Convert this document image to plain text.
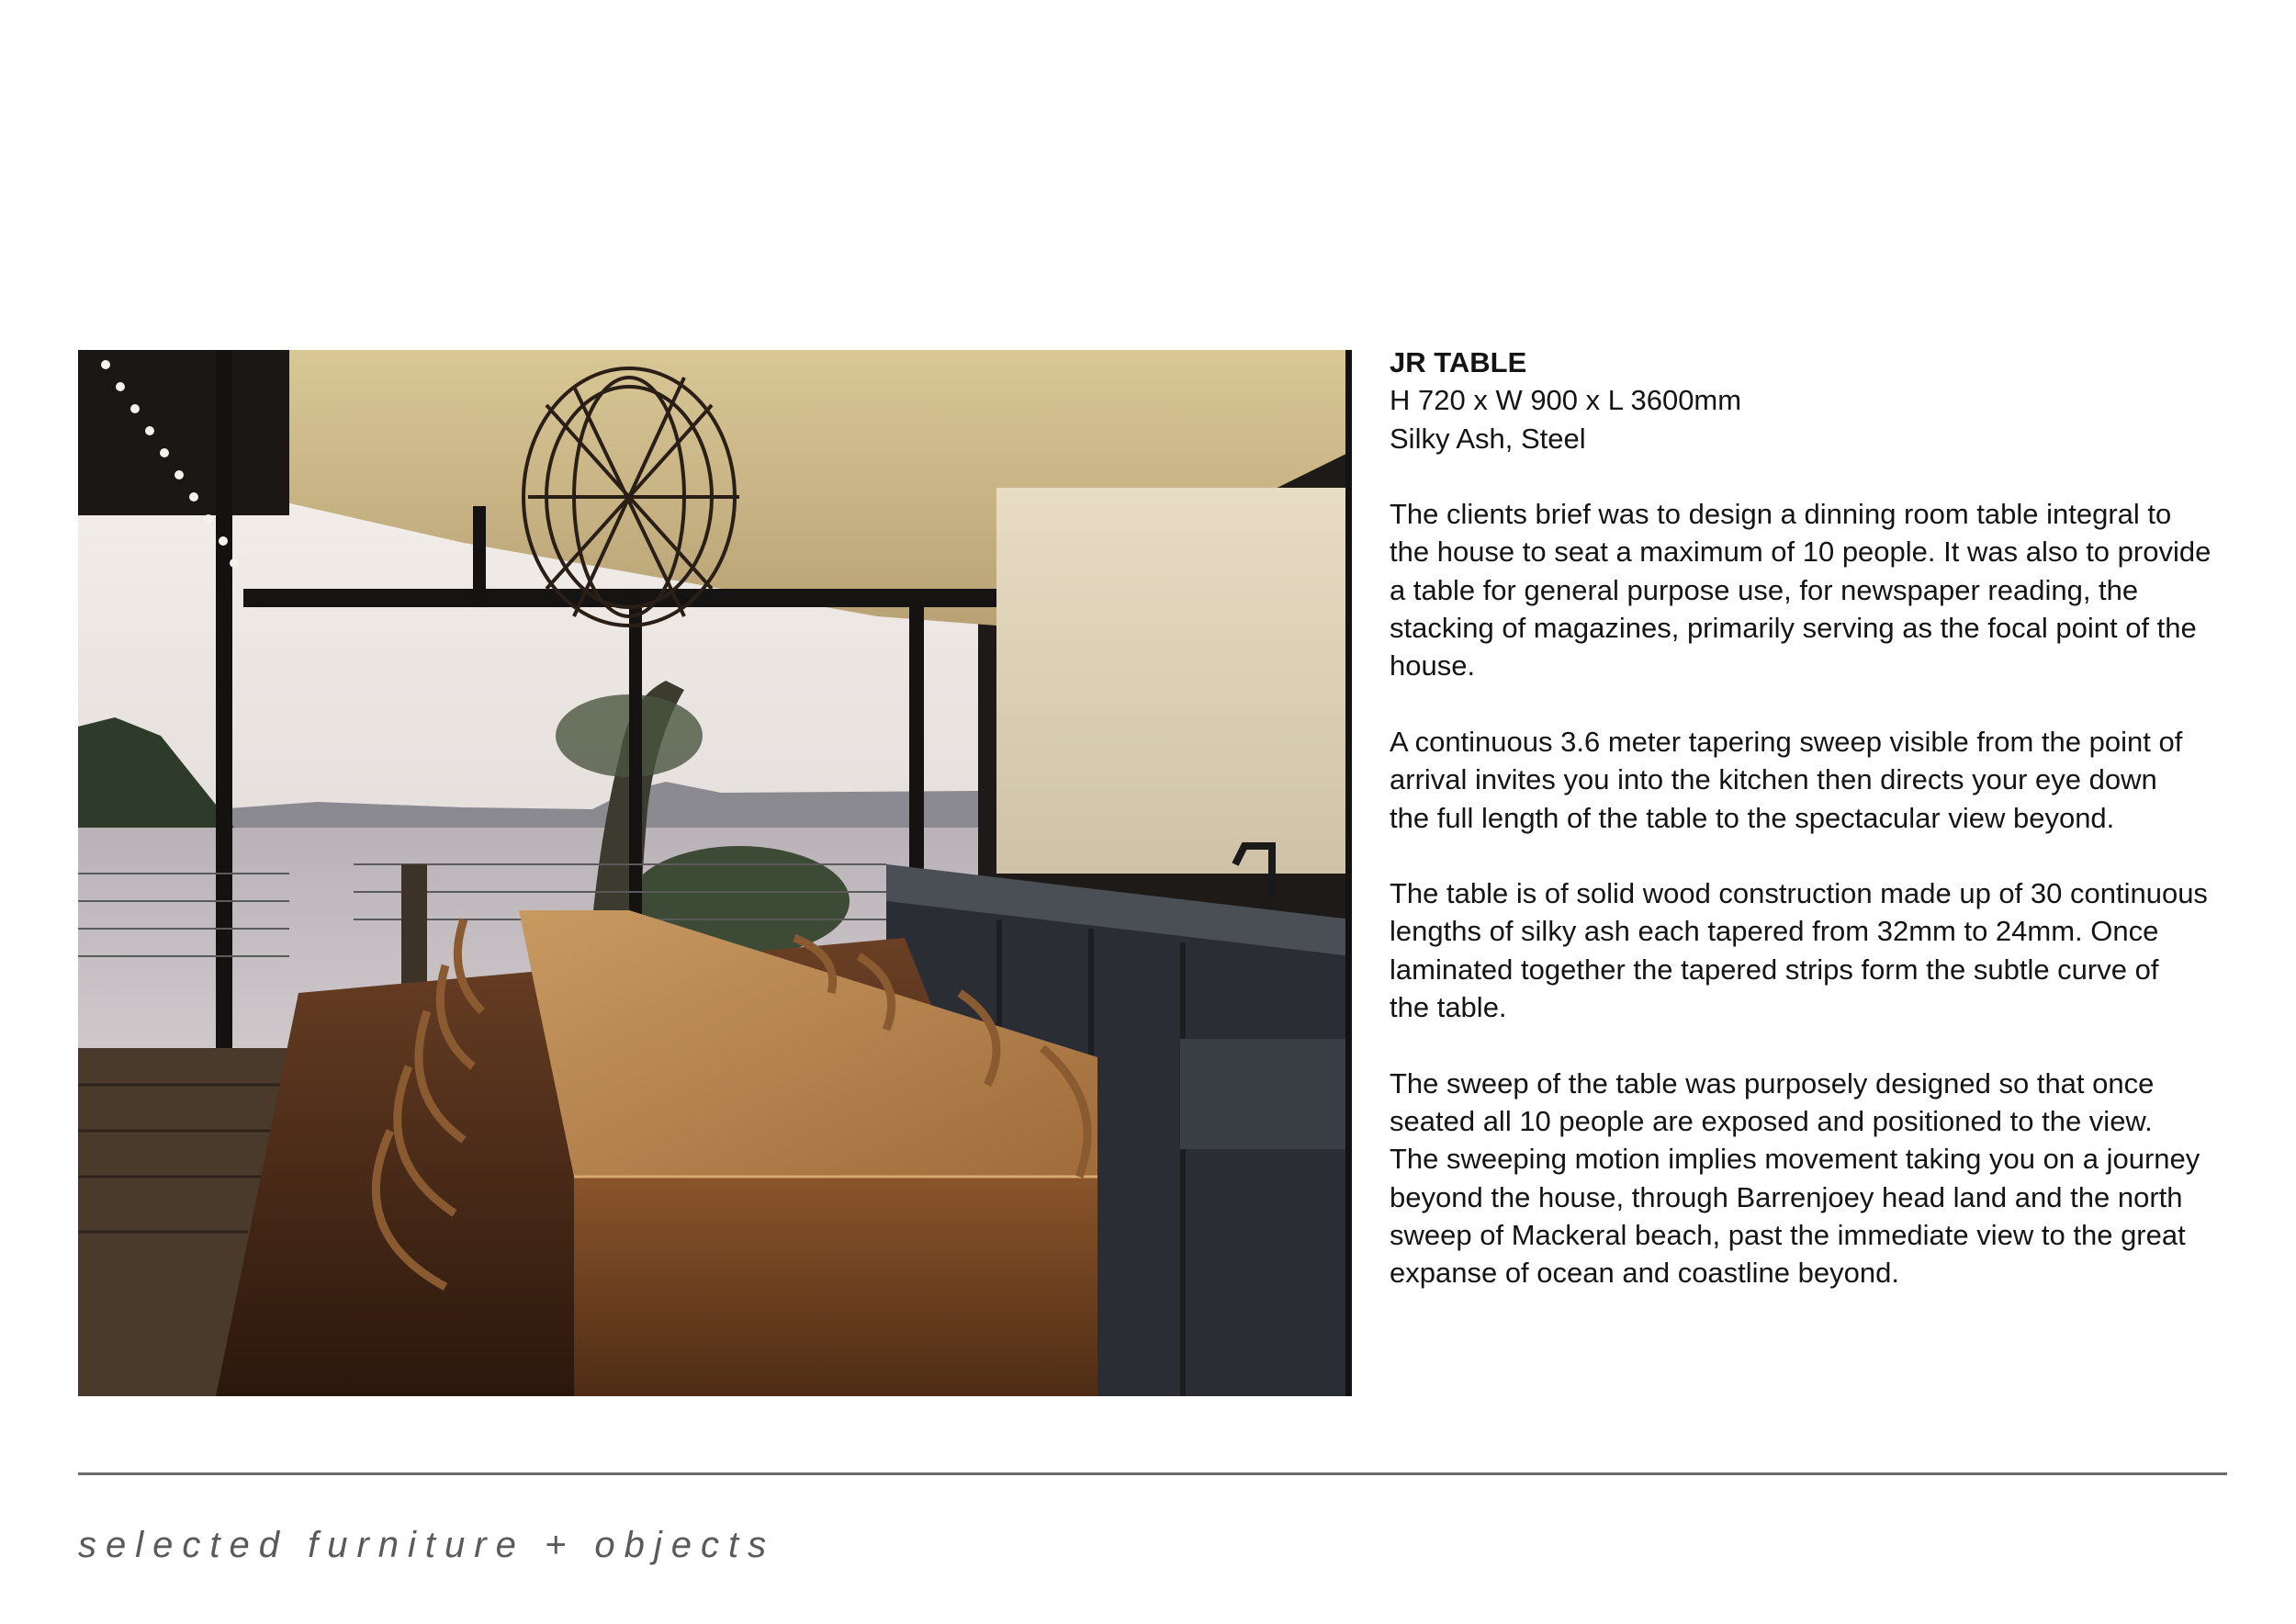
JR TABLE

H 720 x W 900 x L 3600mm

Silky Ash, Steel

The clients brief was to design a dinning room table integral to
the house to seat a maximum of 10 people. It was also to provide
a table for general purpose use, for newspaper reading, the
stacking of magazines, primarily serving as the focal point of the
house.

A continuous 3.6 meter tapering sweep visible from the point of
arrival invites you into the kitchen then directs your eye down
the full length of the table to the spectacular view beyond.

The table is of solid wood construction made up of 30 continuous
lengths of silky ash each tapered from 32mm to 24mm. Once
laminated together the tapered strips form the subtle curve of
the table.

The sweep of the table was purposely designed so that once
seated all 10 people are exposed and positioned to the view.
The sweeping motion implies movement taking you on a journey
beyond the house, through Barrenjoey head land and the north
sweep of Mackeral beach, past the immediate view to the great
expanse of ocean and coastline beyond.

selected furniture + objects
